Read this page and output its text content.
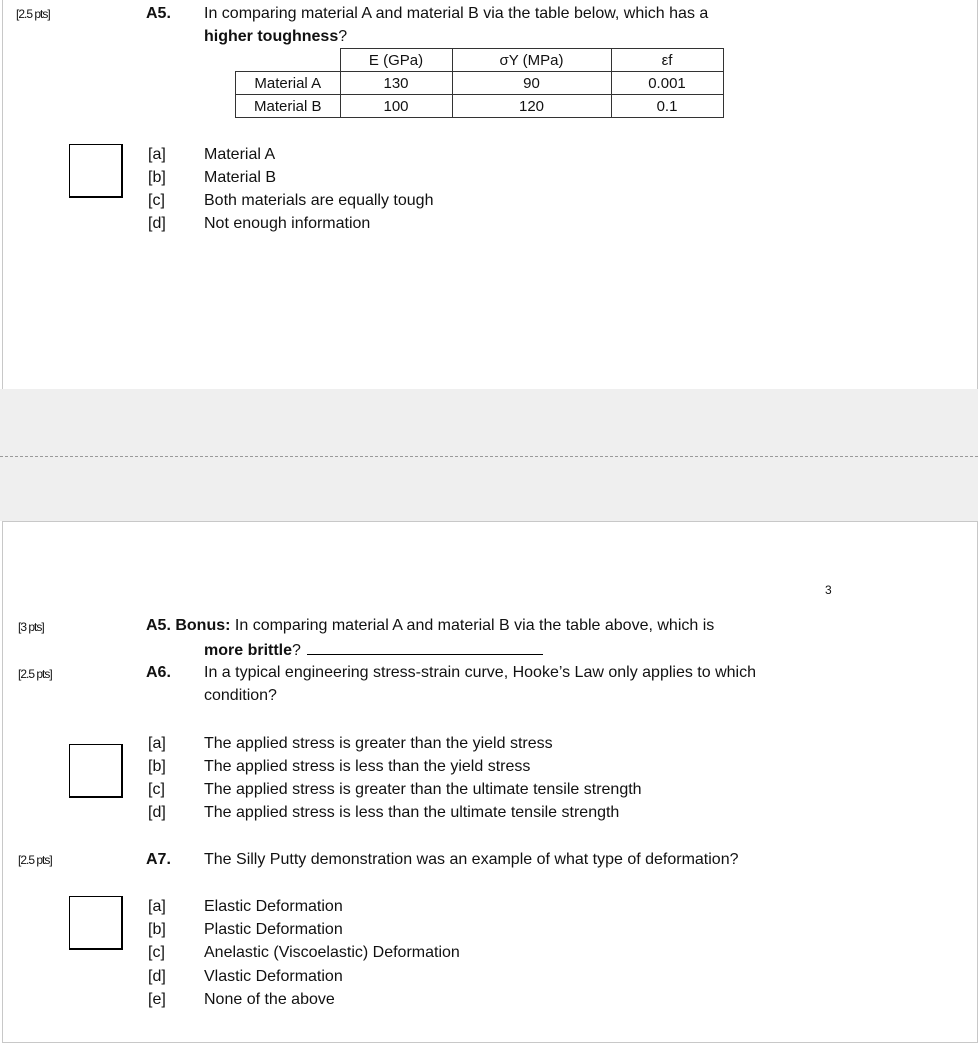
[2.5 pts]	A5. In comparing material A and material B via the table below, which has a
higher toughness?
	E (GPa)	σY (MPa)	εf
Material A	130	90	0.001
Material B	100	120	0.1
[a] Material A
[b] Material B
[c] Both materials are equally tough
[d] Not enough information
3
[3 pts]	A5. Bonus: In comparing material A and material B via the table above, which is
more brittle?
[2.5 pts]	A6. In a typical engineering stress-strain curve, Hooke’s Law only applies to which
condition?
[a] The applied stress is greater than the yield stress
[b] The applied stress is less than the yield stress
[c] The applied stress is greater than the ultimate tensile strength
[d] The applied stress is less than the ultimate tensile strength
[2.5 pts]	A7. The Silly Putty demonstration was an example of what type of deformation?
[a] Elastic Deformation
[b] Plastic Deformation
[c] Anelastic (Viscoelastic) Deformation
[d] Vlastic Deformation
[e] None of the above
